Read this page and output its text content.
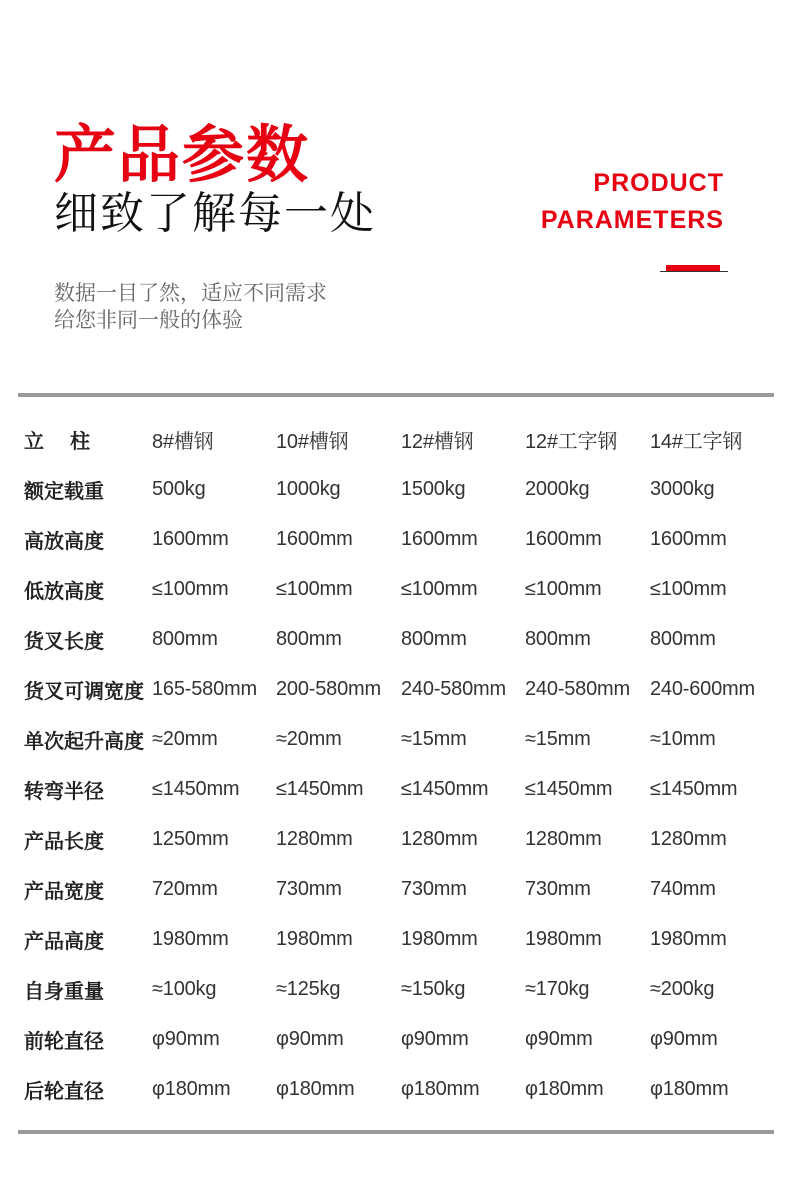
产品参数
细致了解每一处
PRODUCT
PARAMETERS

数据一目了然，适应不同需求

给您非同一般的体验

立柱	8#槽钢	10#槽钢	12#槽钢	12#工字钢	14#工字钢
额定载重	500kg	1000kg	1500kg	2000kg	3000kg
高放高度	1600mm	1600mm	1600mm	1600mm	1600mm
低放高度	≤100mm	≤100mm	≤100mm	≤100mm	≤100mm
货叉长度	800mm	800mm	800mm	800mm	800mm
货叉可调宽度	165-580mm	200-580mm	240-580mm	240-580mm	240-600mm
单次起升高度	≈20mm	≈20mm	≈15mm	≈15mm	≈10mm
转弯半径	≤1450mm	≤1450mm	≤1450mm	≤1450mm	≤1450mm
产品长度	1250mm	1280mm	1280mm	1280mm	1280mm
产品宽度	720mm	730mm	730mm	730mm	740mm
产品高度	1980mm	1980mm	1980mm	1980mm	1980mm
自身重量	≈100kg	≈125kg	≈150kg	≈170kg	≈200kg
前轮直径	φ90mm	φ90mm	φ90mm	φ90mm	φ90mm
后轮直径	φ180mm	φ180mm	φ180mm	φ180mm	φ180mm
